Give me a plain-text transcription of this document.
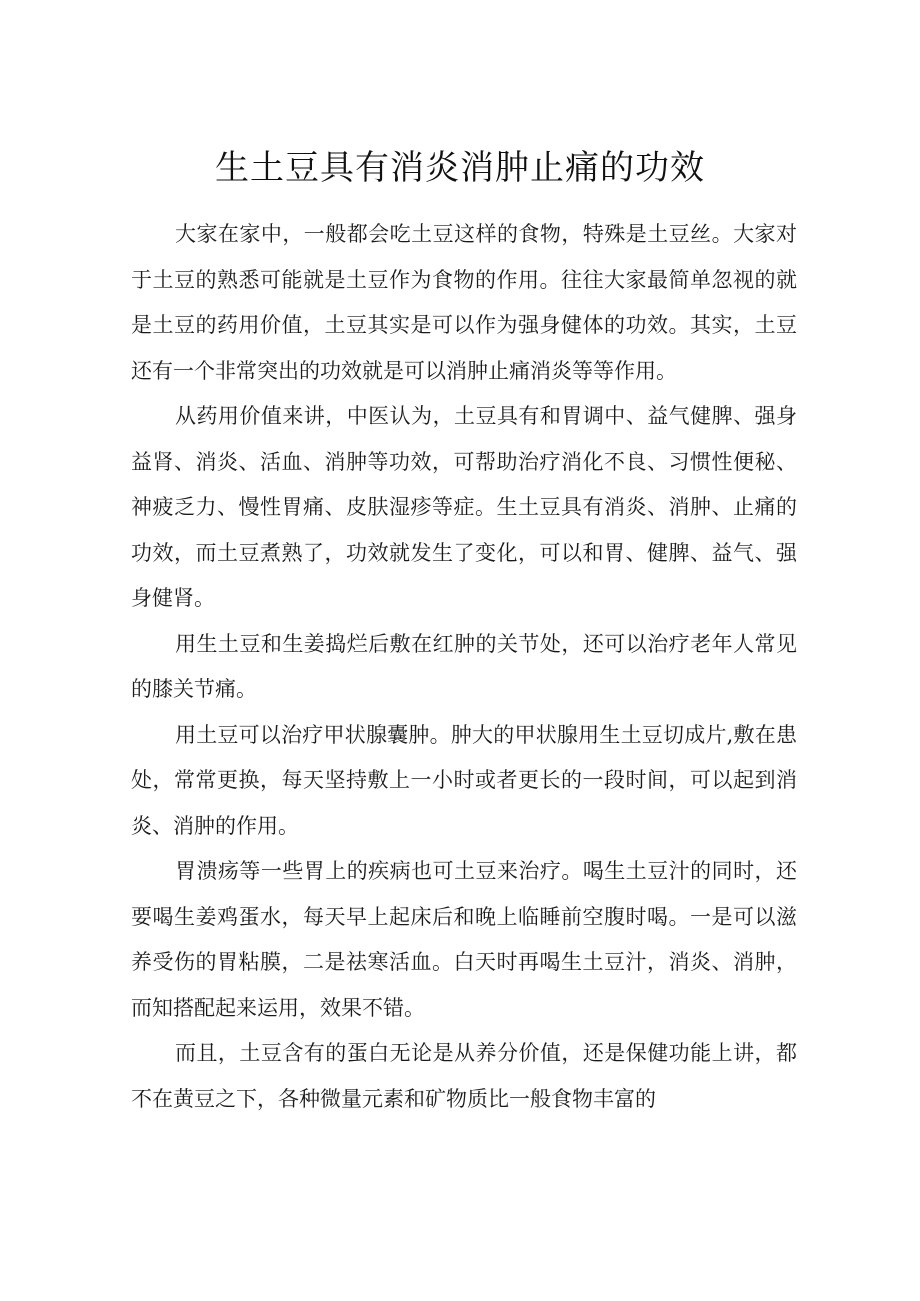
生土豆具有消炎消肿止痛的功效

大家在家中，一般都会吃土豆这样的食物，特殊是土豆丝。大家对于土豆的熟悉可能就是土豆作为食物的作用。往往大家最简单忽视的就是土豆的药用价值，土豆其实是可以作为强身健体的功效。其实，土豆还有一个非常突出的功效就是可以消肿止痛消炎等等作用。

从药用价值来讲，中医认为，土豆具有和胃调中、益气健脾、强身益肾、消炎、活血、消肿等功效，可帮助治疗消化不良、习惯性便秘、神疲乏力、慢性胃痛、皮肤湿疹等症。生土豆具有消炎、消肿、止痛的功效，而土豆煮熟了，功效就发生了变化，可以和胃、健脾、益气、强身健肾。

用生土豆和生姜捣烂后敷在红肿的关节处，还可以治疗老年人常见的膝关节痛。

用土豆可以治疗甲状腺囊肿。肿大的甲状腺用生土豆切成片,敷在患处，常常更换，每天坚持敷上一小时或者更长的一段时间，可以起到消炎、消肿的作用。

胃溃疡等一些胃上的疾病也可土豆来治疗。喝生土豆汁的同时，还要喝生姜鸡蛋水，每天早上起床后和晚上临睡前空腹时喝。一是可以滋养受伤的胃粘膜，二是祛寒活血。白天时再喝生土豆汁，消炎、消肿，而知搭配起来运用，效果不错。

而且，土豆含有的蛋白无论是从养分价值，还是保健功能上讲，都不在黄豆之下，各种微量元素和矿物质比一般食物丰富的
